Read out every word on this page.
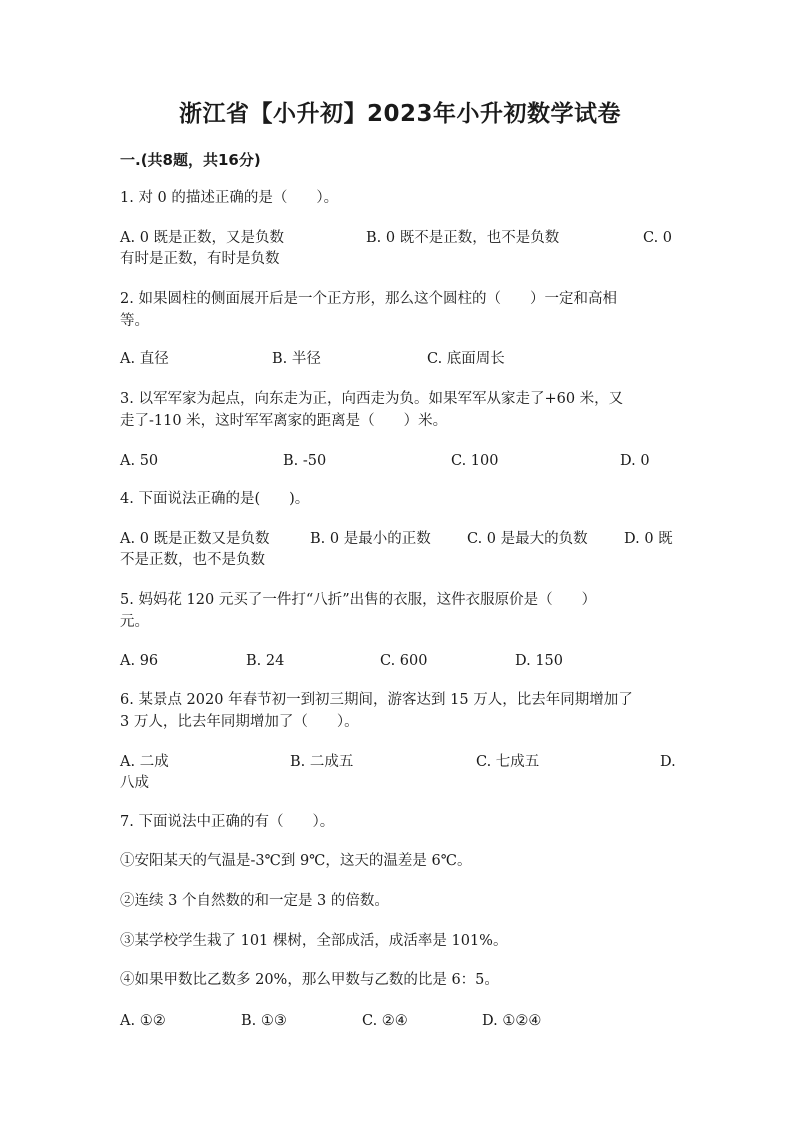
浙江省【小升初】2023年小升初数学试卷
一.(共8题，共16分)
1. 对 0 的描述正确的是（　　）。
A. 0 既是正数，又是负数	B. 0 既不是正数，也不是负数	C. 0
有时是正数，有时是负数
2. 如果圆柱的侧面展开后是一个正方形，那么这个圆柱的（　　）一定和高相
等。
A. 直径	B. 半径	C. 底面周长
3. 以军军家为起点，向东走为正，向西走为负。如果军军从家走了+60 米，又
走了-110 米，这时军军离家的距离是（　　）米。
A. 50	B. -50	C. 100	D. 0
4. 下面说法正确的是(　　)。
A. 0 既是正数又是负数	B. 0 是最小的正数	C. 0 是最大的负数	D. 0 既
不是正数，也不是负数
5. 妈妈花 120 元买了一件打“八折”出售的衣服，这件衣服原价是（　　）
元。
A. 96	B. 24	C. 600	D. 150
6. 某景点 2020 年春节初一到初三期间，游客达到 15 万人，比去年同期增加了
3 万人，比去年同期增加了（　　）。
A. 二成	B. 二成五	C. 七成五	D.
八成
7. 下面说法中正确的有（　　）。
①安阳某天的气温是-3℃到 9℃，这天的温差是 6℃。
②连续 3 个自然数的和一定是 3 的倍数。
③某学校学生栽了 101 棵树，全部成活，成活率是 101%。
④如果甲数比乙数多 20%，那么甲数与乙数的比是 6：5。
A. ①②	B. ①③	C. ②④	D. ①②④
